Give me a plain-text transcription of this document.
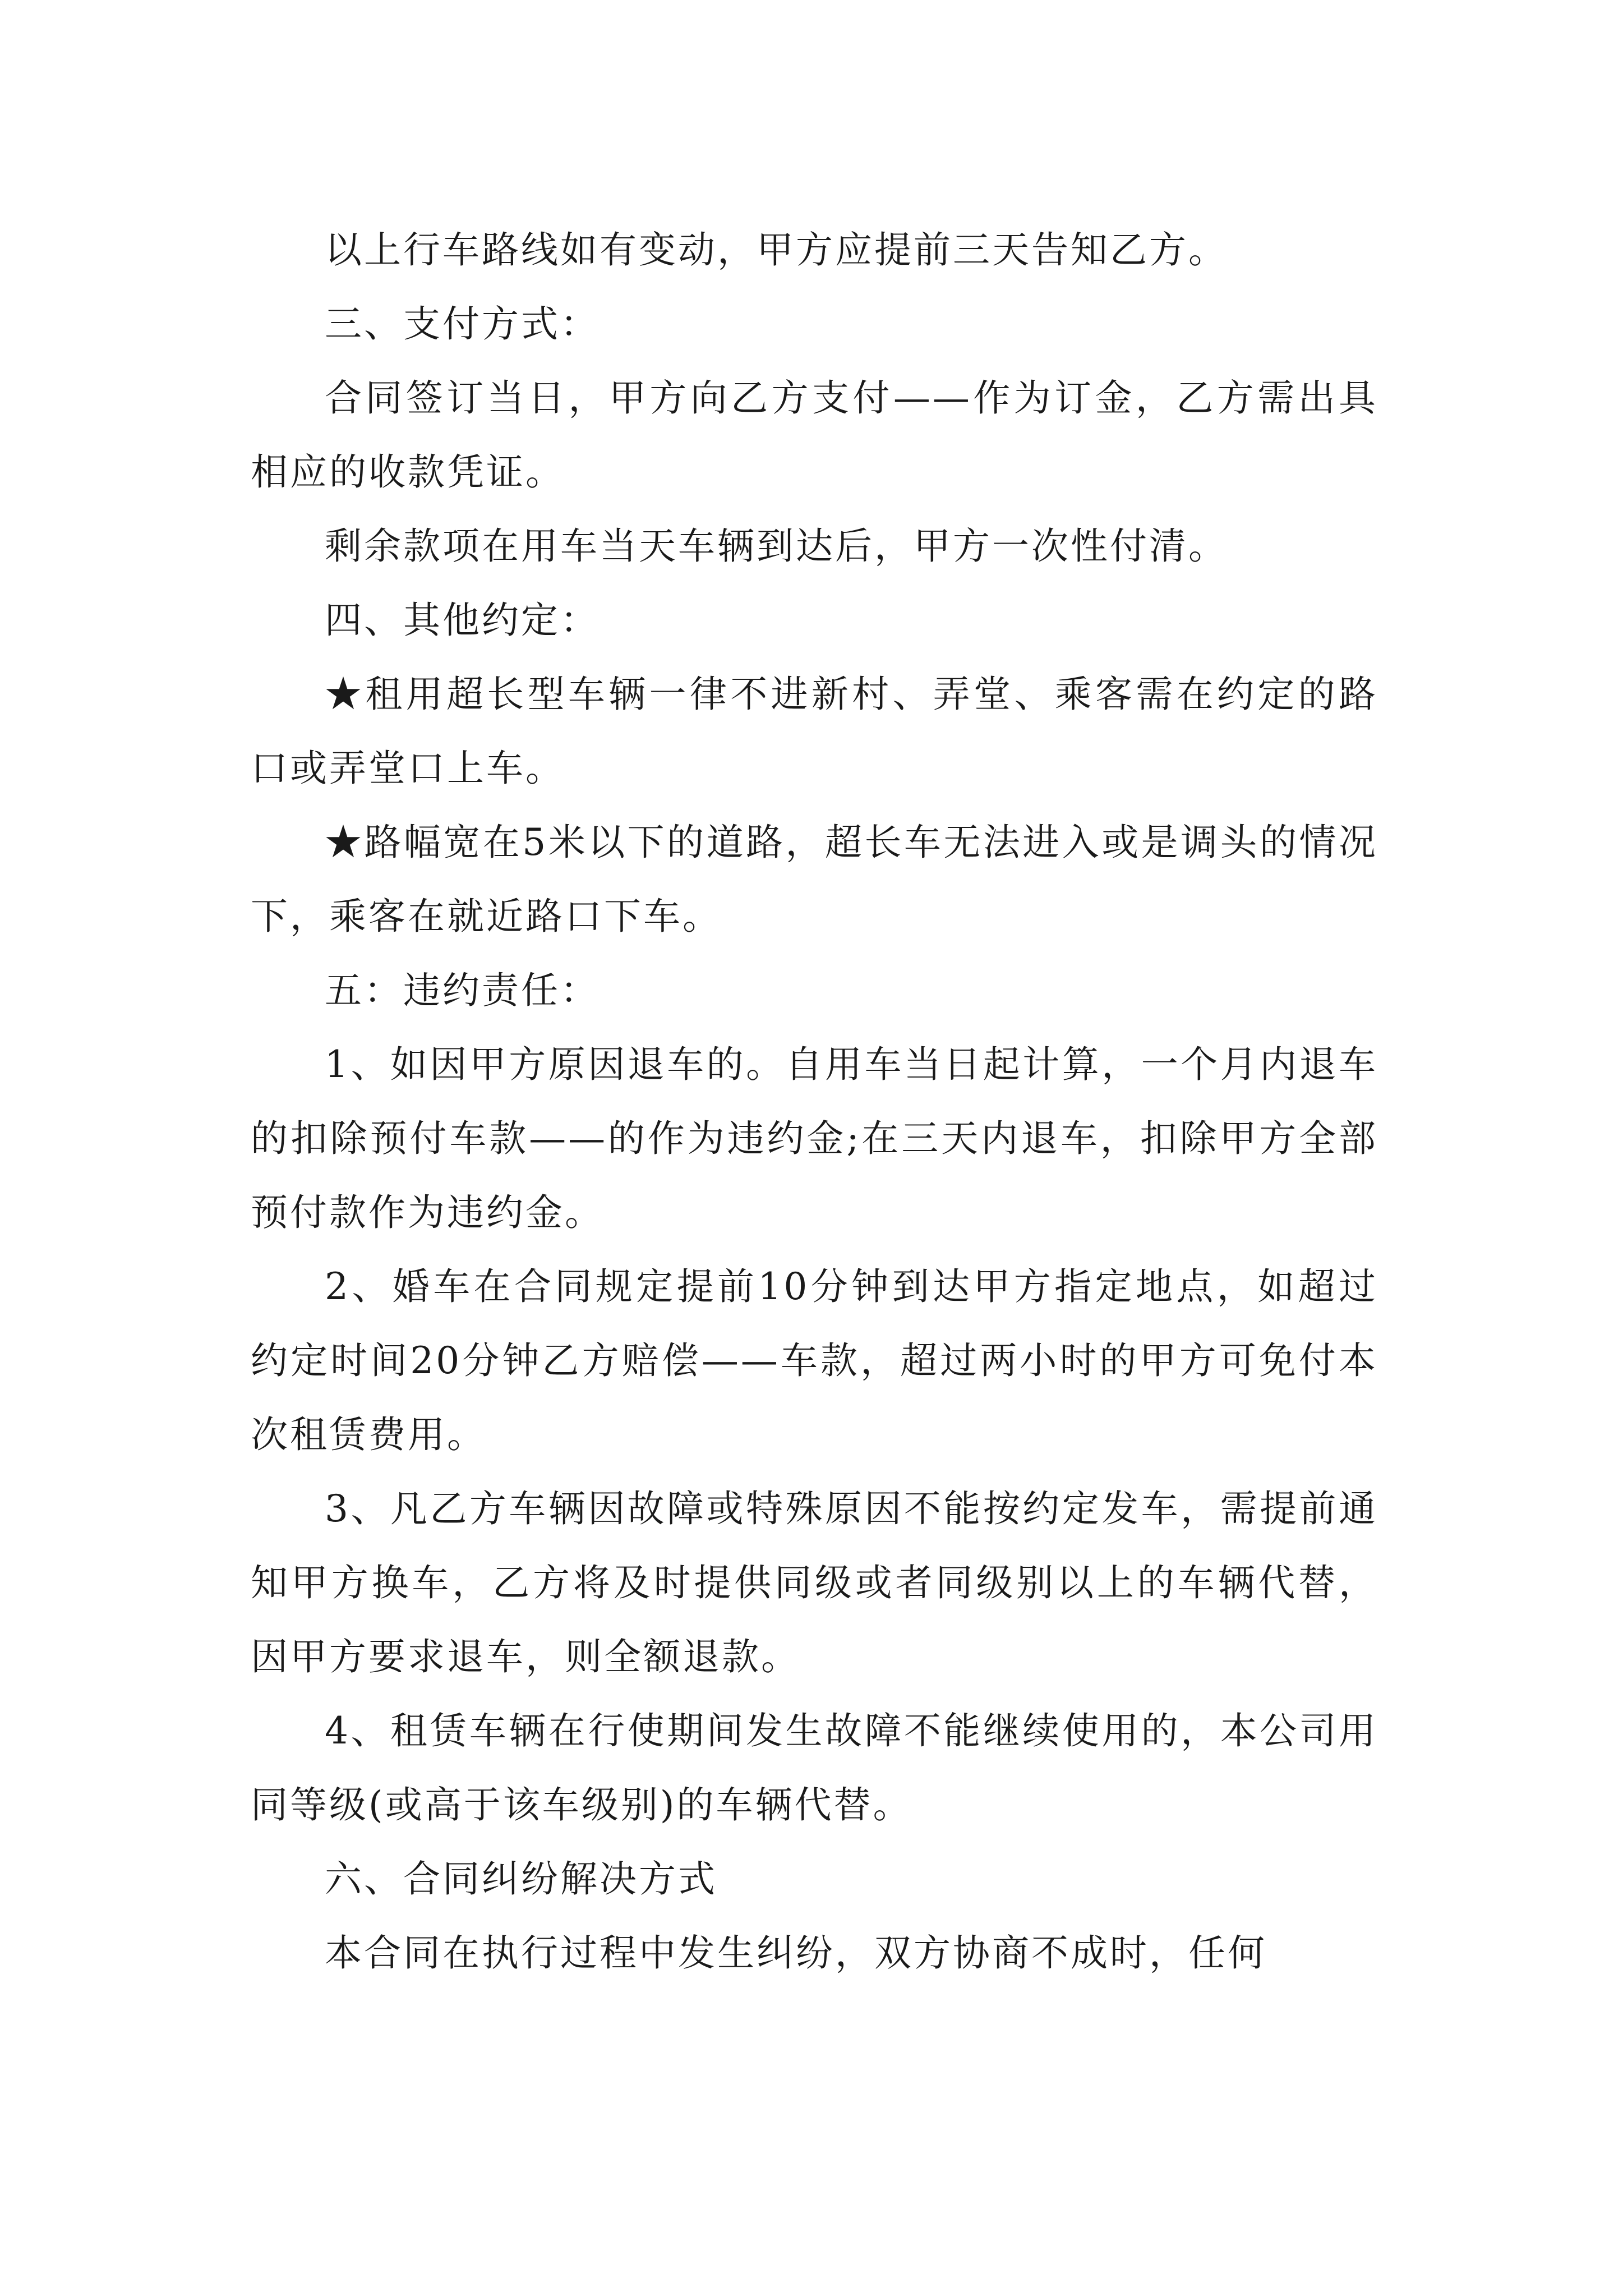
以上行车路线如有变动，甲方应提前三天告知乙方。

三、支付方式：

合同签订当日，甲方向乙方支付——作为订金，乙方需出具相应的收款凭证。

剩余款项在用车当天车辆到达后，甲方一次性付清。

四、其他约定：

★租用超长型车辆一律不进新村、弄堂、乘客需在约定的路口或弄堂口上车。

★路幅宽在5米以下的道路，超长车无法进入或是调头的情况下，乘客在就近路口下车。

五：违约责任：

1、如因甲方原因退车的。自用车当日起计算，一个月内退车的扣除预付车款——的作为违约金;在三天内退车，扣除甲方全部预付款作为违约金。

2、婚车在合同规定提前10分钟到达甲方指定地点，如超过约定时间20分钟乙方赔偿——车款，超过两小时的甲方可免付本次租赁费用。

3、凡乙方车辆因故障或特殊原因不能按约定发车，需提前通知甲方换车，乙方将及时提供同级或者同级别以上的车辆代替，因甲方要求退车，则全额退款。

4、租赁车辆在行使期间发生故障不能继续使用的，本公司用同等级(或高于该车级别)的车辆代替。

六、合同纠纷解决方式

本合同在执行过程中发生纠纷，双方协商不成时，任何
